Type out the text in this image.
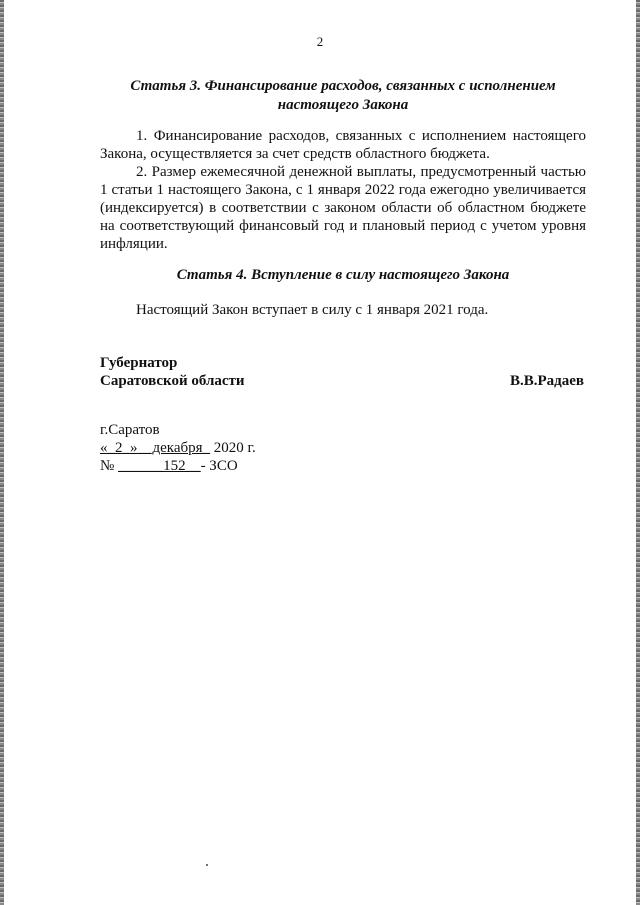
2
Статья 3. Финансирование расходов, связанных с исполнением
настоящего Закона
1. Финансирование расходов, связанных с исполнением настоящего Закона, осуществляется за счет средств областного бюджета.
2. Размер ежемесячной денежной выплаты, предусмотренный частью 1 статьи 1 настоящего Закона, с 1 января 2022 года ежегодно увеличивается (индексируется) в соответствии с законом области об областном бюджете на соответствующий финансовый год и плановый период с учетом уровня инфляции.
Статья 4. Вступление в силу настоящего Закона
Настоящий Закон вступает в силу с 1 января 2021 года.
Губернатор
Саратовской области	В.В.Радаев
г.Саратов
«_2_»__декабря_ 2020 г.
№ ______152__- ЗСО
